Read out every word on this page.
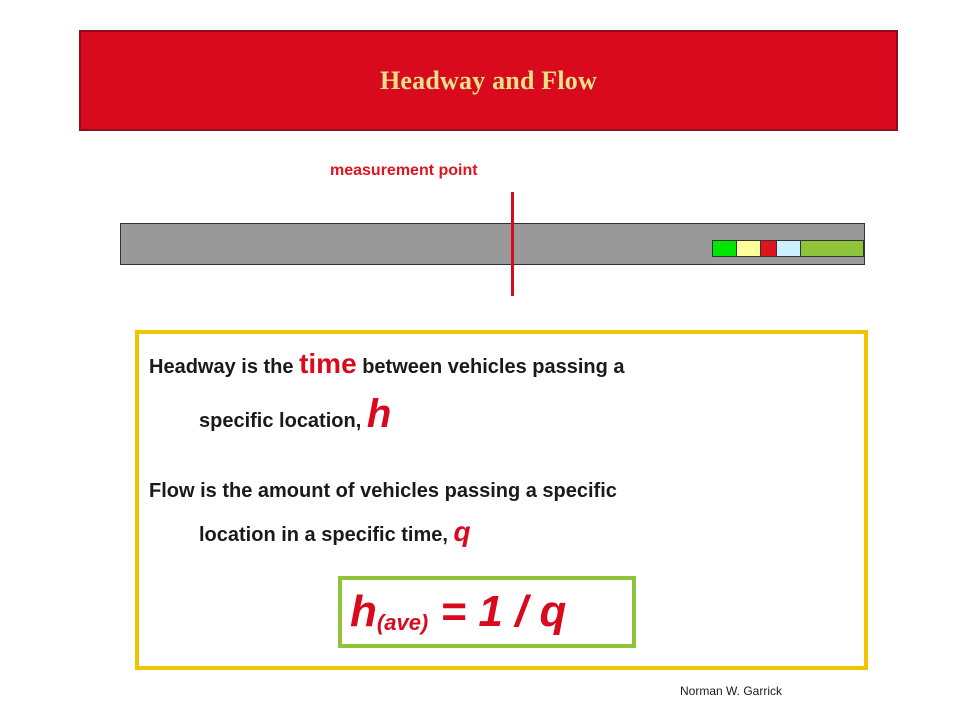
Headway and Flow
measurement point
Headway is the time between vehicles passing a
specific location, h
Flow is the amount of vehicles passing a specific
location in a specific time, q
$h_{(ave)} = 1 / q$
Norman W. Garrick
